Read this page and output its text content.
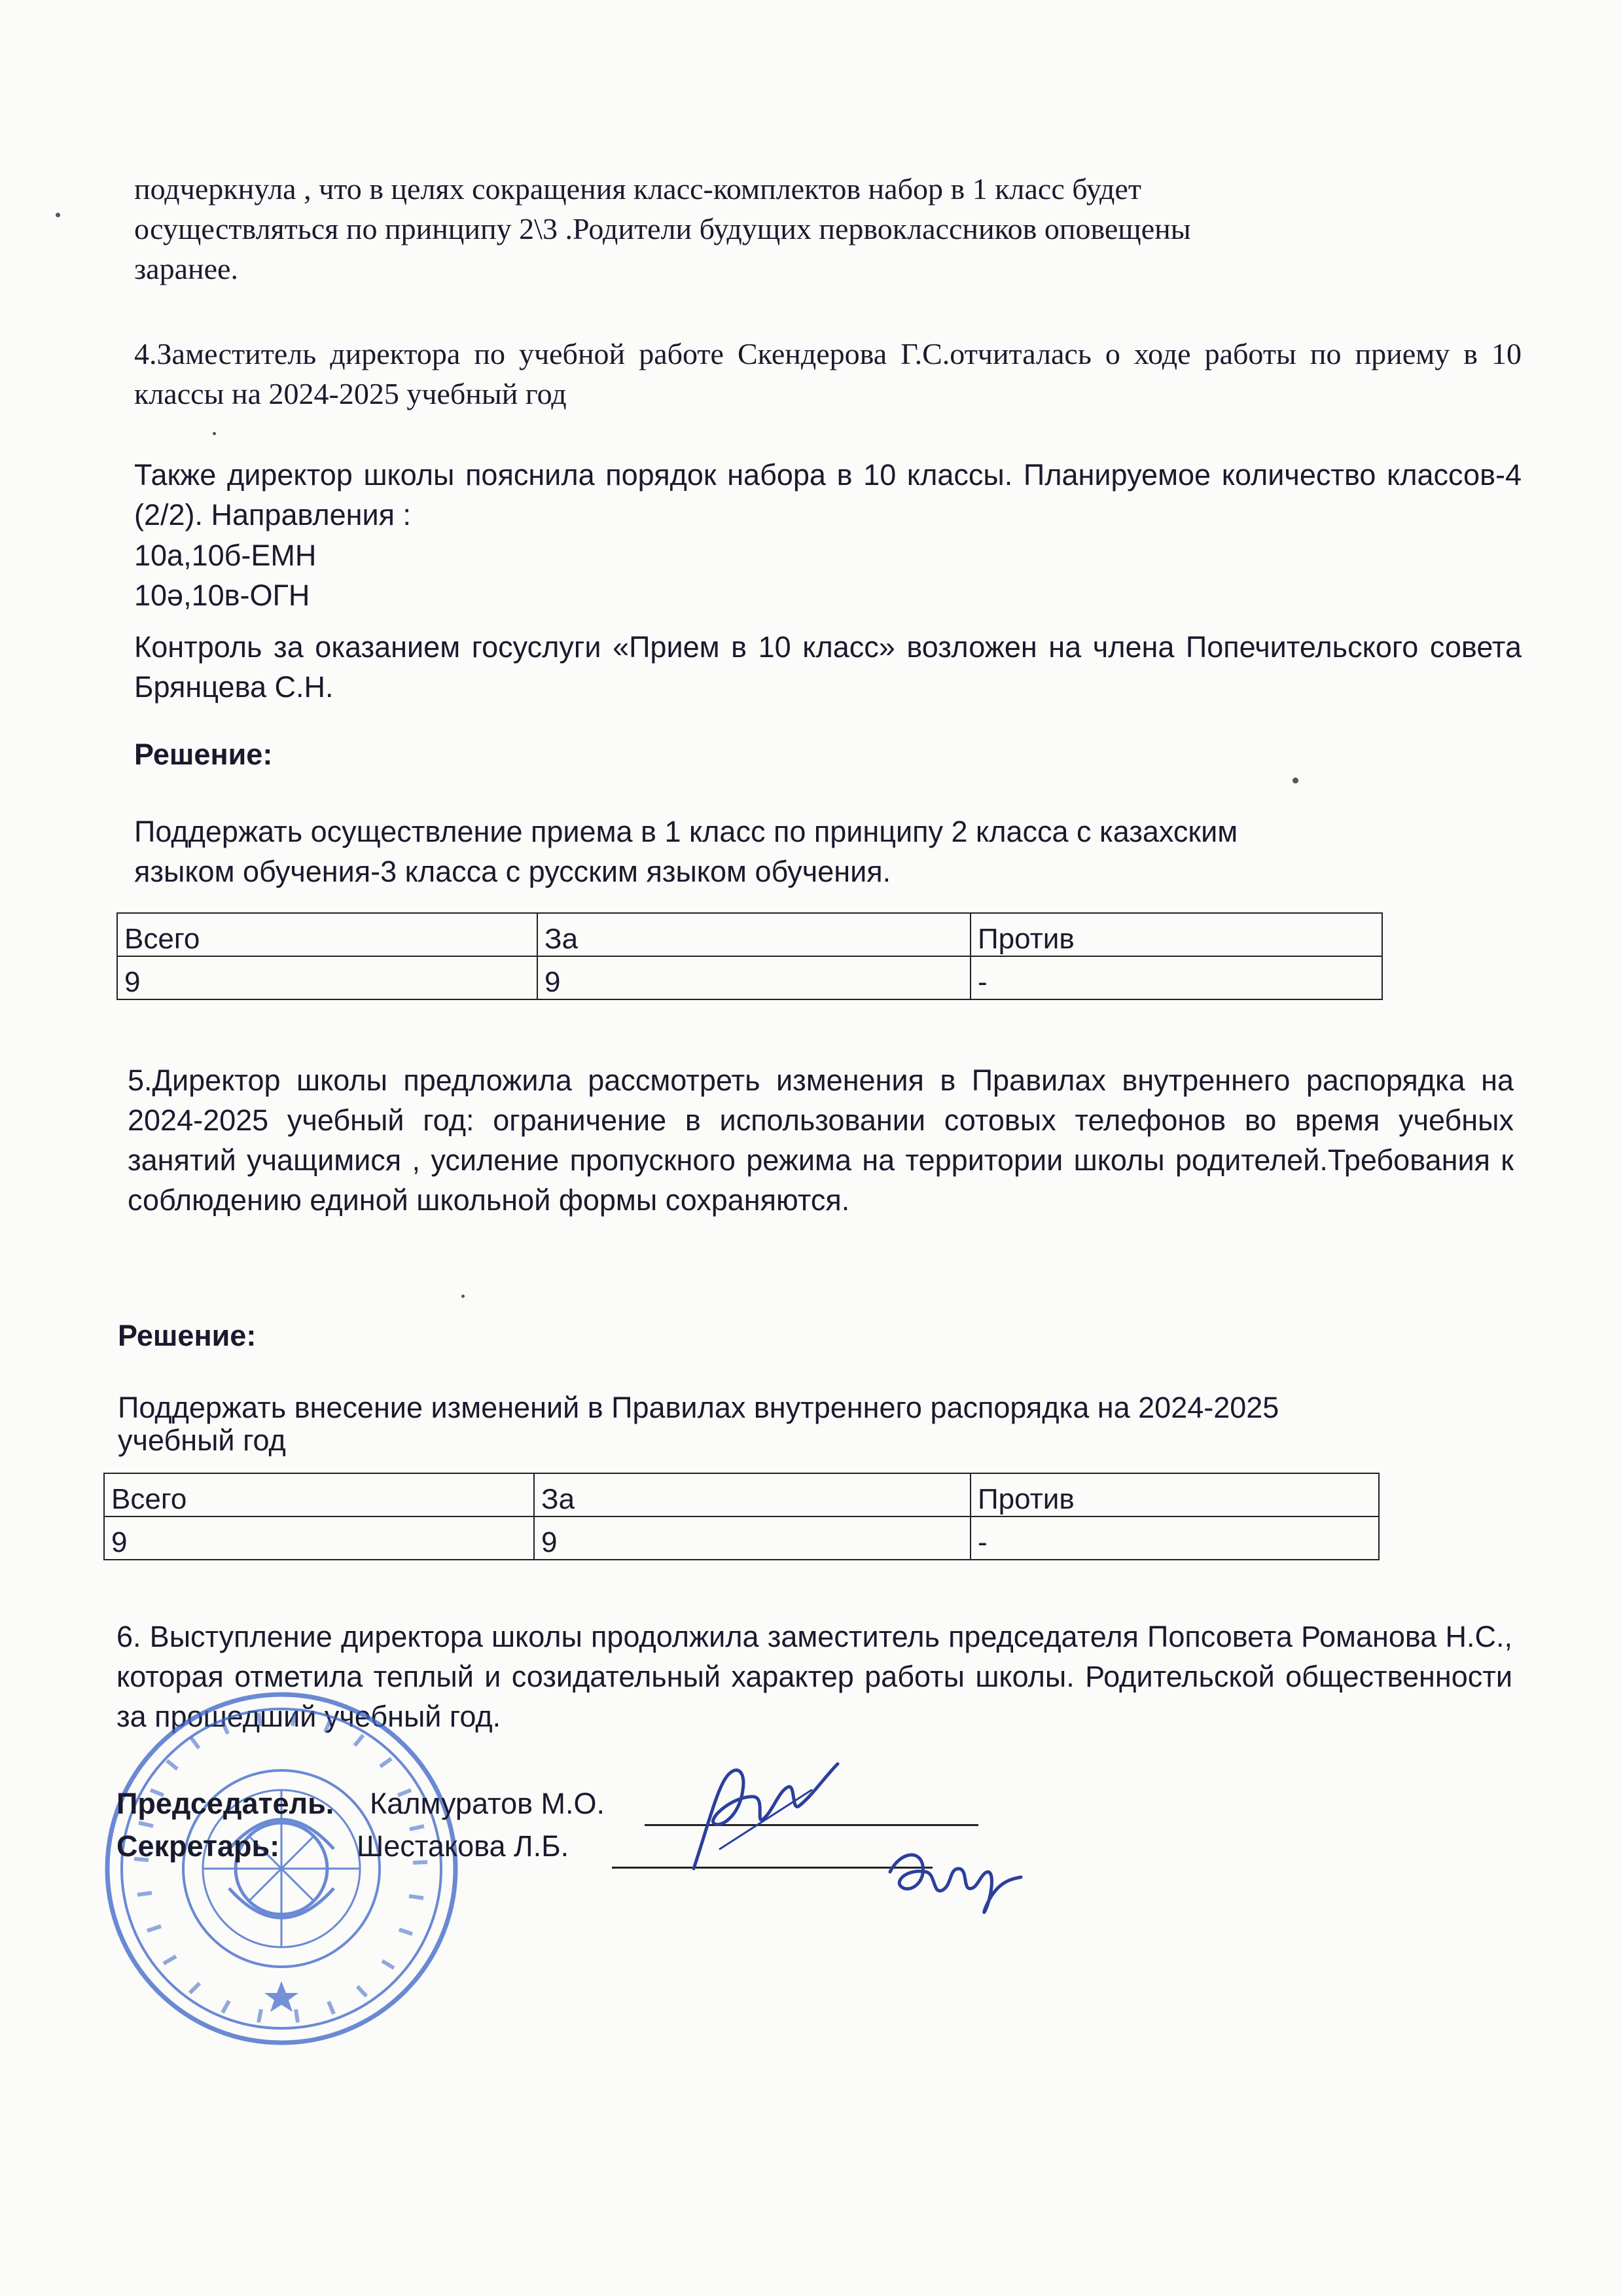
подчеркнула , что в целях сокращения класс-комплектов набор в 1 класс будет
осуществляться по принципу 2\3 .Родители будущих первоклассников оповещены
заранее.
4.Заместитель директора по учебной работе Скендерова Г.С.отчиталась о ходе работы по приему в 10 классы на 2024-2025 учебный год
Также директор школы пояснила порядок набора в 10 классы. Планируемое количество классов-4 (2/2). Направления :
10а,10б-ЕМН
10ә,10в-ОГН
Контроль за оказанием госуслуги «Прием в 10 класс» возложен на члена Попечительского совета Брянцева С.Н.
Решение:
Поддержать осуществление приема в 1 класс по принципу 2 класса с казахским
языком обучения-3 класса с русским языком обучения.
Всего	За	Против
9	9	-
5.Директор школы предложила рассмотреть изменения в Правилах внутреннего распорядка на 2024-2025 учебный год: ограничение в использовании сотовых телефонов во время учебных занятий учащимися , усиление пропускного режима на территории школы родителей.Требования к соблюдению единой школьной формы сохраняются.
Решение:
Поддержать внесение изменений в Правилах внутреннего распорядка на 2024-2025
учебный год
Всего	За	Против
9	9	-
6. Выступление директора школы продолжила заместитель председателя Попсовета Романова Н.С., которая отметила теплый и созидательный характер работы школы. Родительской общественности за прошедший учебный год.
Председатель. Калмуратов М.О.
Секретарь:	Шестакова Л.Б.
